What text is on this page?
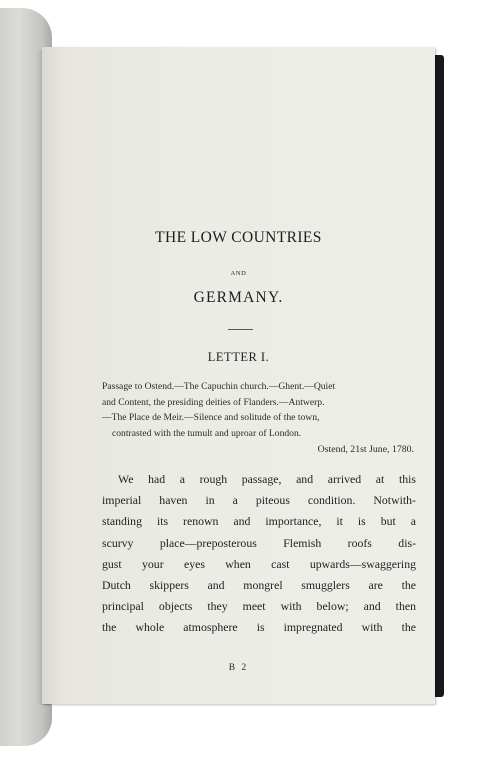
THE LOW COUNTRIES
AND
GERMANY.
LETTER I.
Passage to Ostend.—The Capuchin church.—Ghent.—Quiet
and Content, the presiding deities of Flanders.—Antwerp.
—The Place de Meir.—Silence and solitude of the town,
contrasted with the tumult and uproar of London.
Ostend, 21st June, 1780.
We had a rough passage, and arrived at this
imperial haven in a piteous condition. Notwith-
standing its renown and importance, it is but a
scurvy place—preposterous Flemish roofs dis-
gust your eyes when cast upwards—swaggering
Dutch skippers and mongrel smugglers are the
principal objects they meet with below; and then
the whole atmosphere is impregnated with the
B 2
